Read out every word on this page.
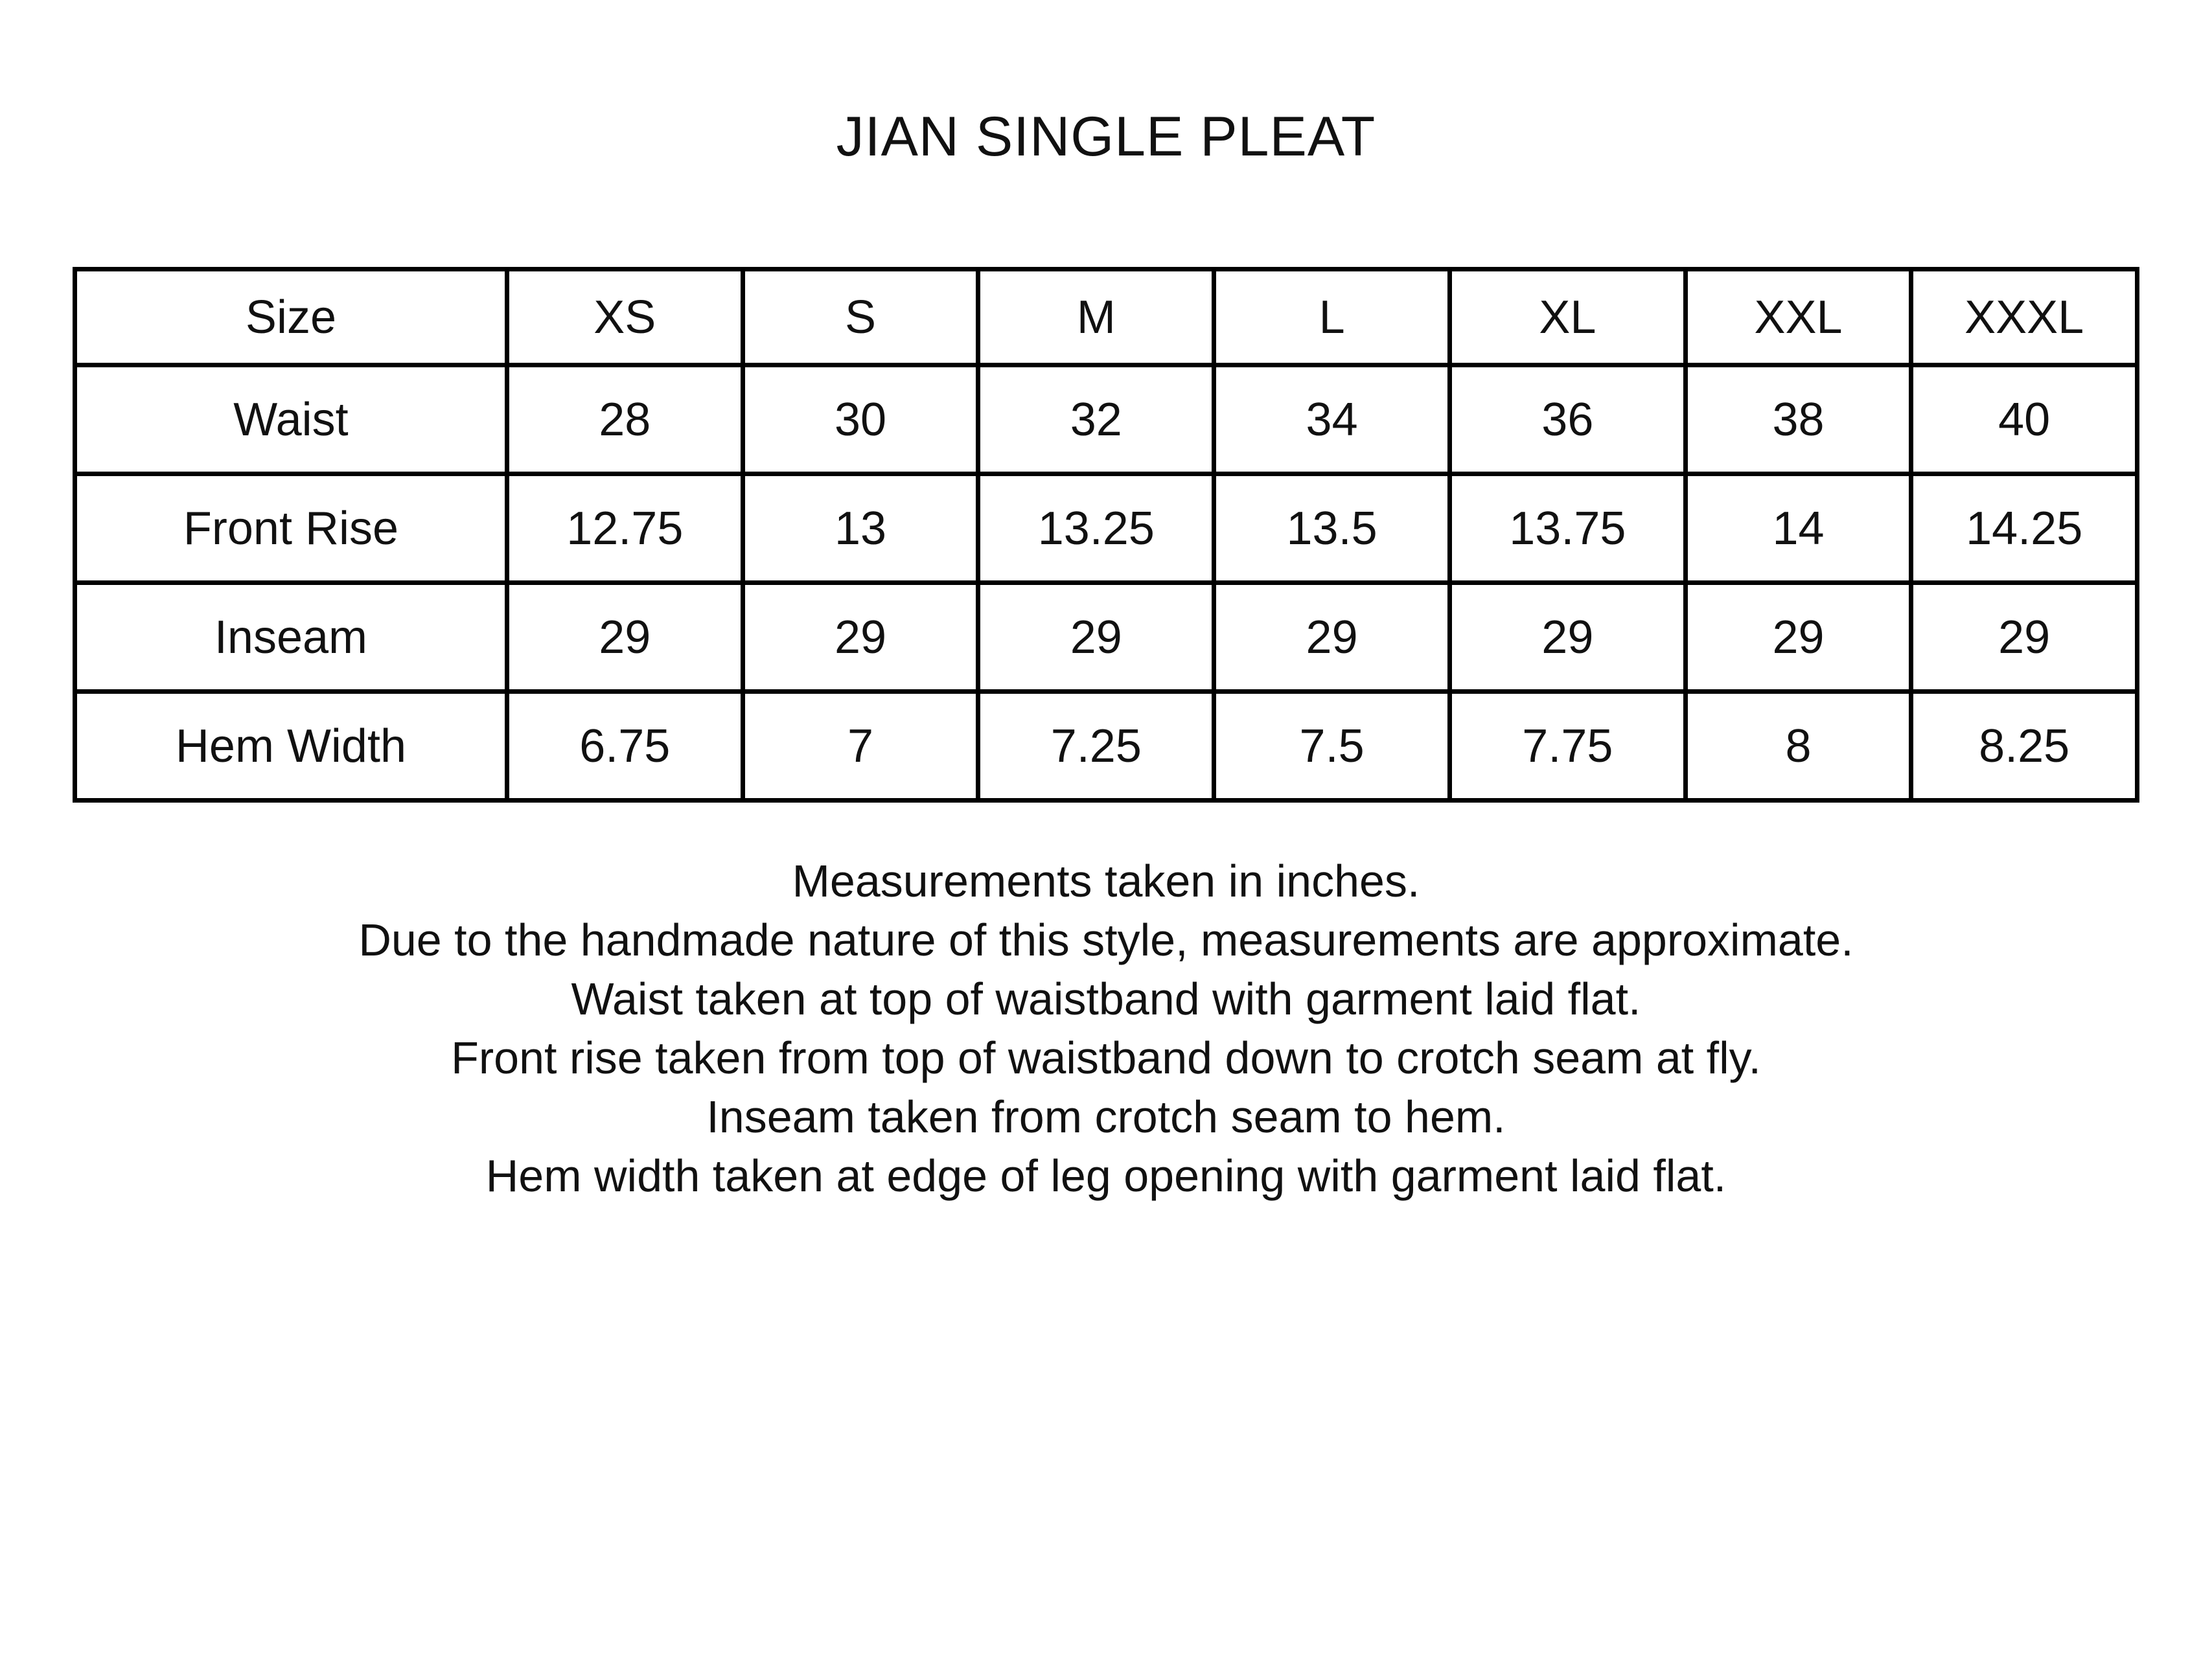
JIAN SINGLE PLEAT
Size	XS	S	M	L	XL	XXL	XXXL
Waist	28	30	32	34	36	38	40
Front Rise	12.75	13	13.25	13.5	13.75	14	14.25
Inseam	29	29	29	29	29	29	29
Hem Width	6.75	7	7.25	7.5	7.75	8	8.25
Measurements taken in inches.
Due to the handmade nature of this style, measurements are approximate.
Waist taken at top of waistband with garment laid flat.
Front rise taken from top of waistband down to crotch seam at fly.
Inseam taken from crotch seam to hem.
Hem width taken at edge of leg opening with garment laid flat.
